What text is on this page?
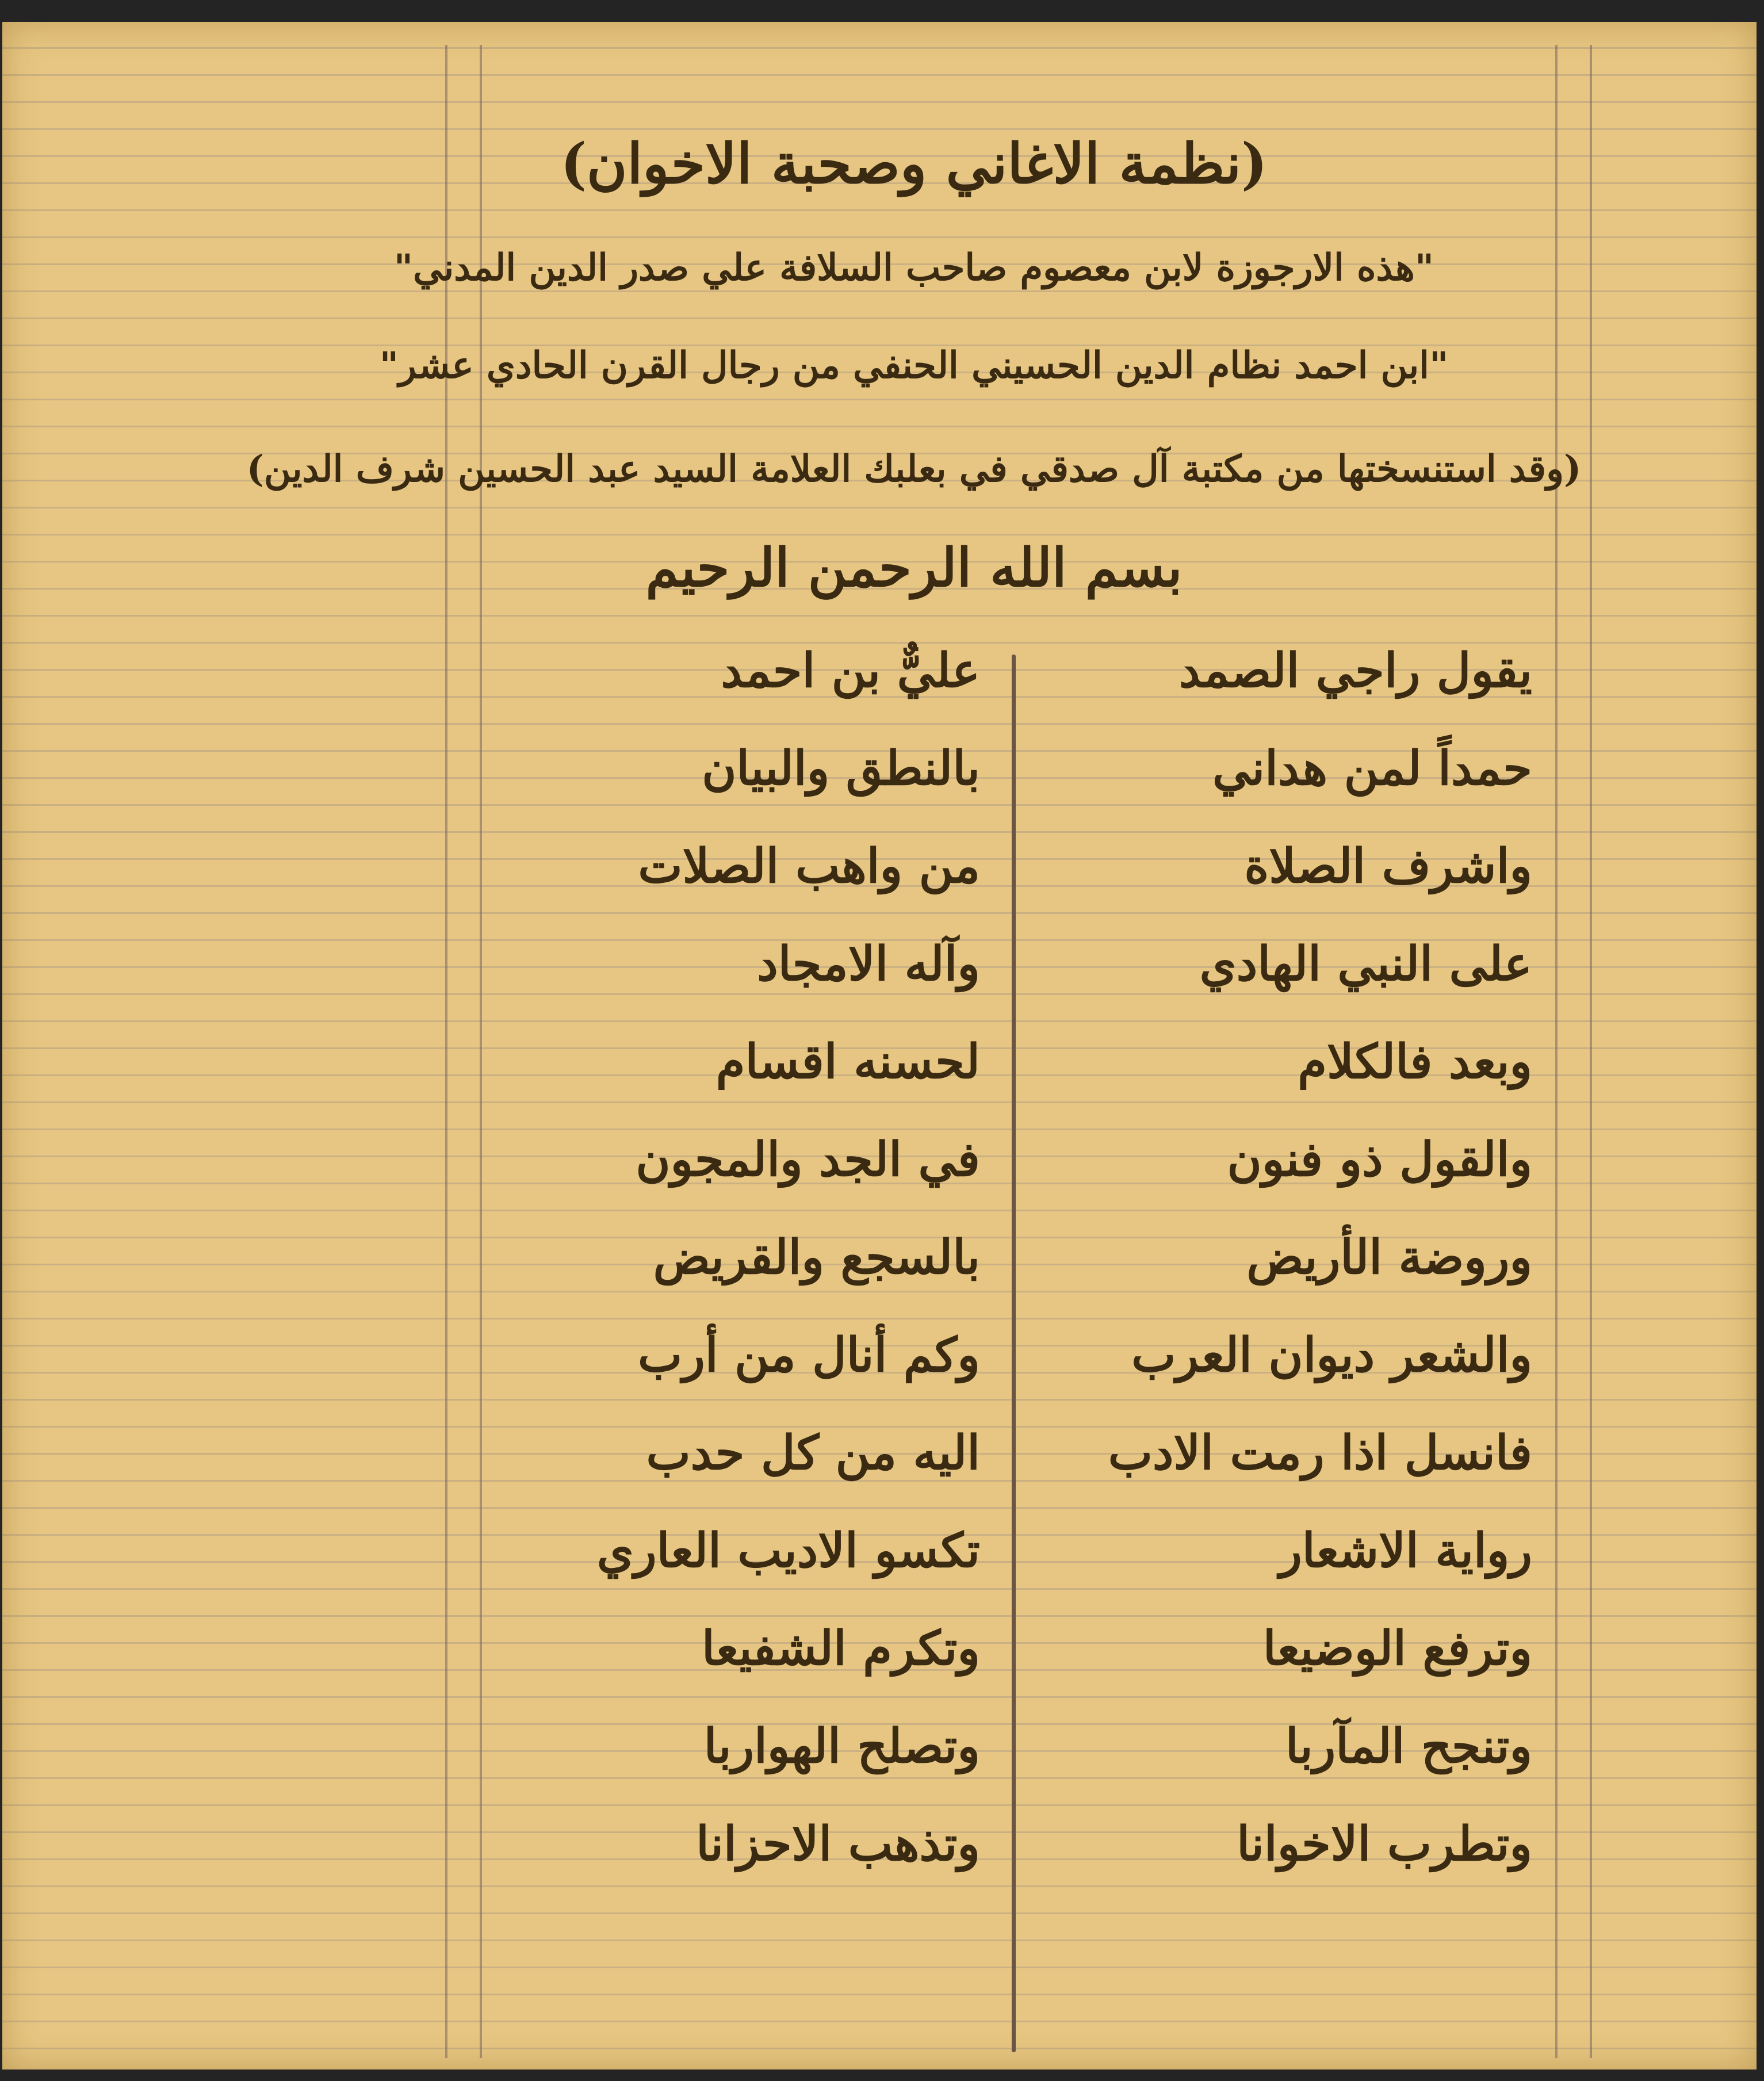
(نظمة الاغاني وصحبة الاخوان)
"هذه الارجوزة لابن معصوم صاحب السلافة علي صدر الدين المدني"
"ابن احمد نظام الدين الحسيني الحنفي من رجال القرن الحادي عشر"
(وقد استنسختها من مكتبة آل صدقي في بعلبك العلامة السيد عبد الحسين شرف الدين)
بسم الله الرحمن الرحيم
يقول راجي الصمد
عليٌّ بن احمد
حمداً لمن هداني
بالنطق والبيان
واشرف الصلاة
من واهب الصلات
على النبي الهادي
وآله الامجاد
وبعد فالكلام
لحسنه اقسام
والقول ذو فنون
في الجد والمجون
وروضة الأريض
بالسجع والقريض
والشعر ديوان العرب
وكم أنال من أرب
فانسل اذا رمت الادب
اليه من كل حدب
رواية الاشعار
تكسو الاديب العاري
وترفع الوضيعا
وتكرم الشفيعا
وتنجح المآربا
وتصلح الهواربا
وتطرب الاخوانا
وتذهب الاحزانا
